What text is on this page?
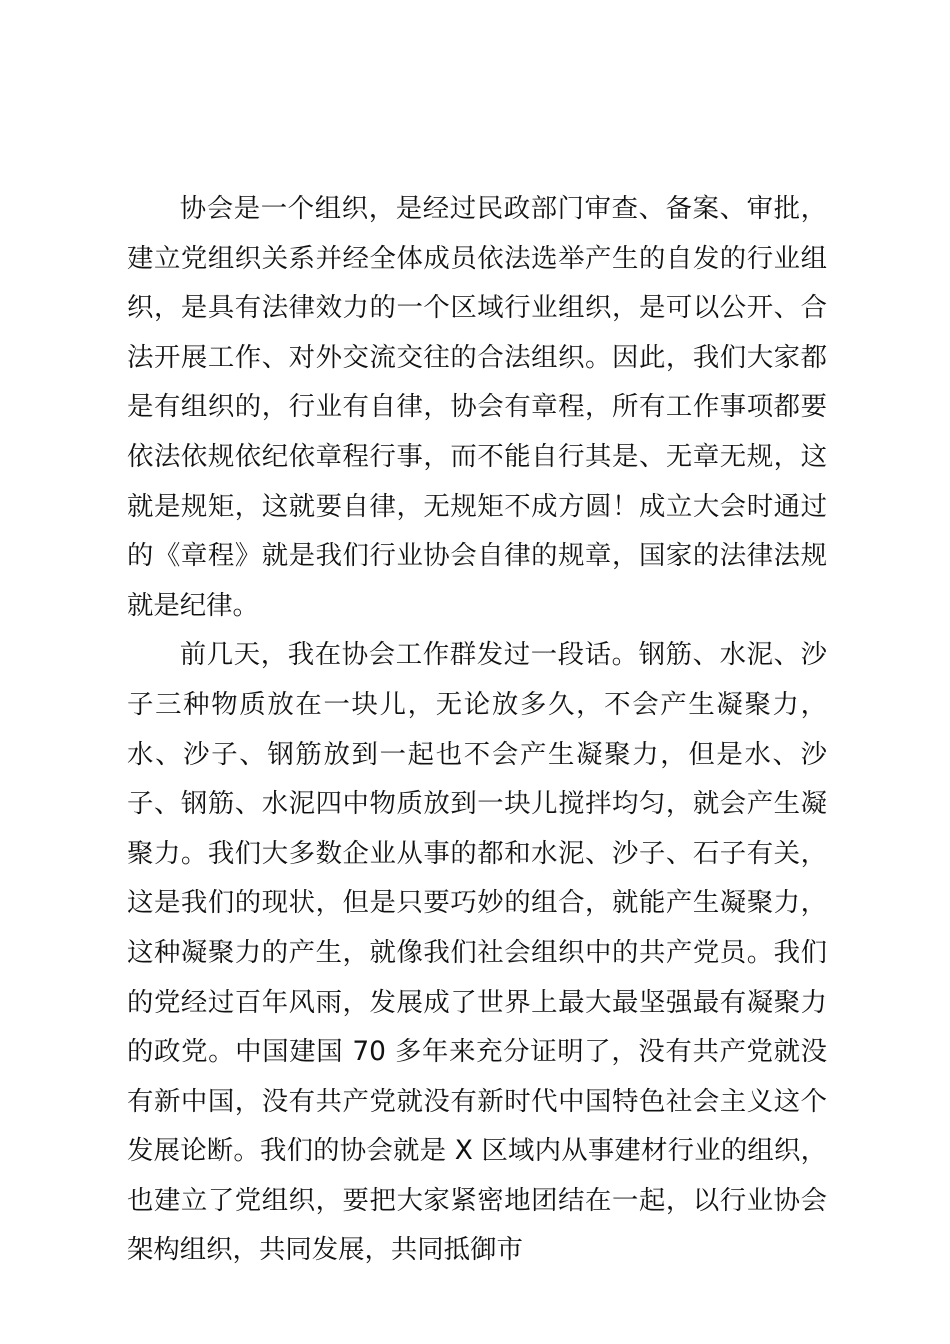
协会是一个组织，是经过民政部门审查、备案、审批，建立党组织关系并经全体成员依法选举产生的自发的行业组织，是具有法律效力的一个区域行业组织，是可以公开、合法开展工作、对外交流交往的合法组织。因此，我们大家都是有组织的，行业有自律，协会有章程，所有工作事项都要依法依规依纪依章程行事，而不能自行其是、无章无规，这就是规矩，这就要自律，无规矩不成方圆！成立大会时通过的《章程》就是我们行业协会自律的规章，国家的法律法规就是纪律。

前几天，我在协会工作群发过一段话。钢筋、水泥、沙子三种物质放在一块儿，无论放多久，不会产生凝聚力，水、沙子、钢筋放到一起也不会产生凝聚力，但是水、沙子、钢筋、水泥四中物质放到一块儿搅拌均匀，就会产生凝聚力。我们大多数企业从事的都和水泥、沙子、石子有关，这是我们的现状，但是只要巧妙的组合，就能产生凝聚力，这种凝聚力的产生，就像我们社会组织中的共产党员。我们的党经过百年风雨，发展成了世界上最大最坚强最有凝聚力的政党。中国建国 70 多年来充分证明了，没有共产党就没有新中国，没有共产党就没有新时代中国特色社会主义这个发展论断。我们的协会就是 X 区域内从事建材行业的组织，也建立了党组织，要把大家紧密地团结在一起，以行业协会架构组织，共同发展，共同抵御市
